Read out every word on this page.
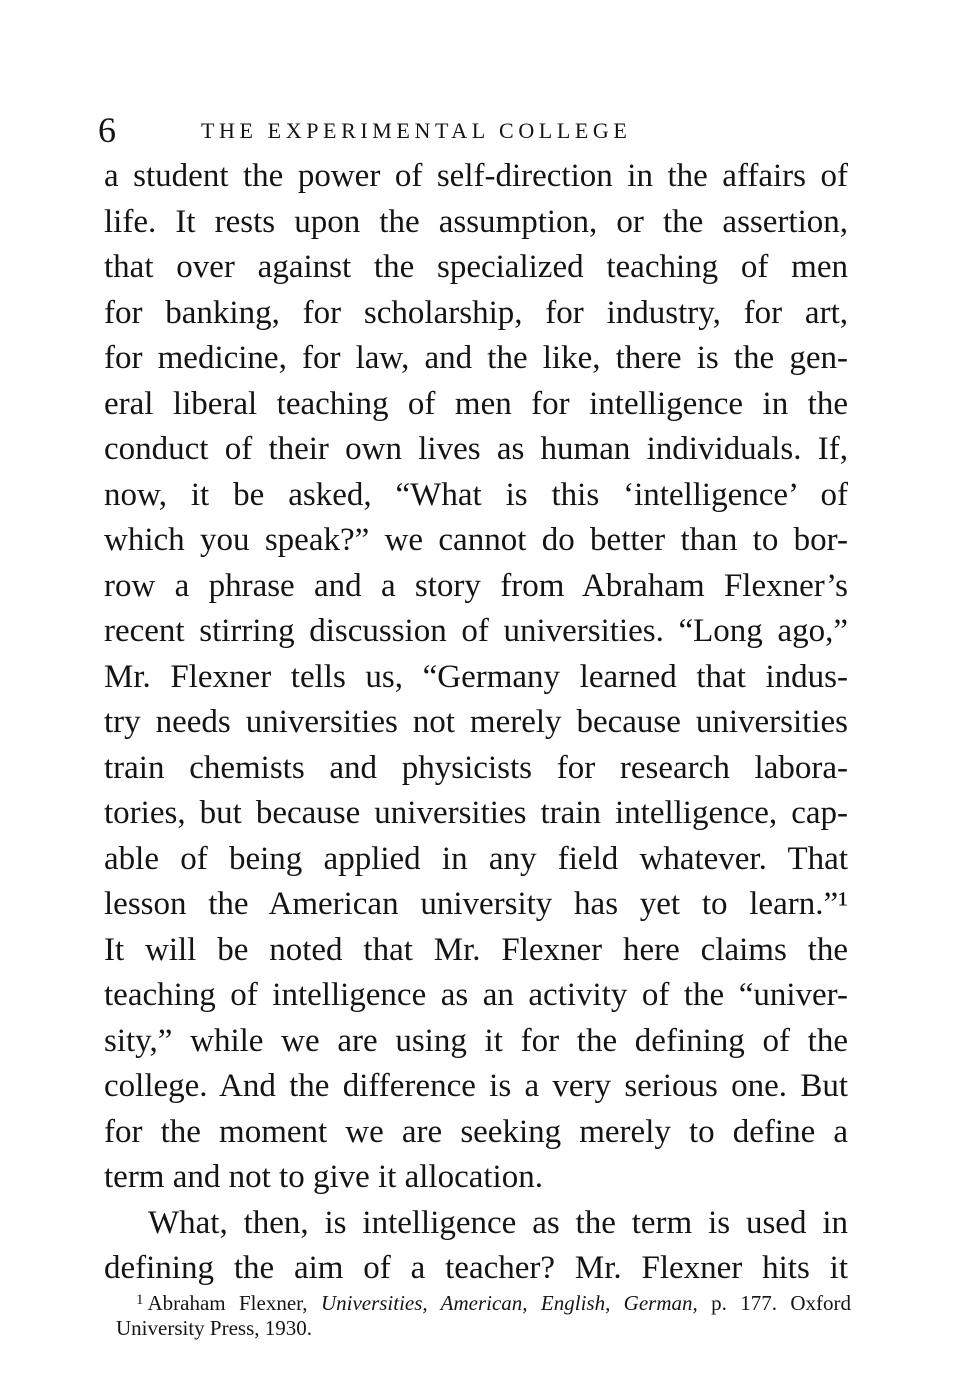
6	THE EXPERIMENTAL COLLEGE
a student the power of self-direction in the affairs of
life. It rests upon the assumption, or the assertion,
that over against the specialized teaching of men
for banking, for scholarship, for industry, for art,
for medicine, for law, and the like, there is the gen-
eral liberal teaching of men for intelligence in the
conduct of their own lives as human individuals. If,
now, it be asked, “What is this ‘intelligence’ of
which you speak?” we cannot do better than to bor-
row a phrase and a story from Abraham Flexner’s
recent stirring discussion of universities. “Long ago,”
Mr. Flexner tells us, “Germany learned that indus-
try needs universities not merely because universities
train chemists and physicists for research labora-
tories, but because universities train intelligence, cap-
able of being applied in any field whatever. That
lesson the American university has yet to learn.”¹
It will be noted that Mr. Flexner here claims the
teaching of intelligence as an activity of the “univer-
sity,” while we are using it for the defining of the
college. And the difference is a very serious one. But
for the moment we are seeking merely to define a
term and not to give it allocation.
What, then, is intelligence as the term is used in
defining the aim of a teacher? Mr. Flexner hits it
$^1$ Abraham Flexner, Universities, American, English, German, p. 177. Oxford
University Press, 1930.
